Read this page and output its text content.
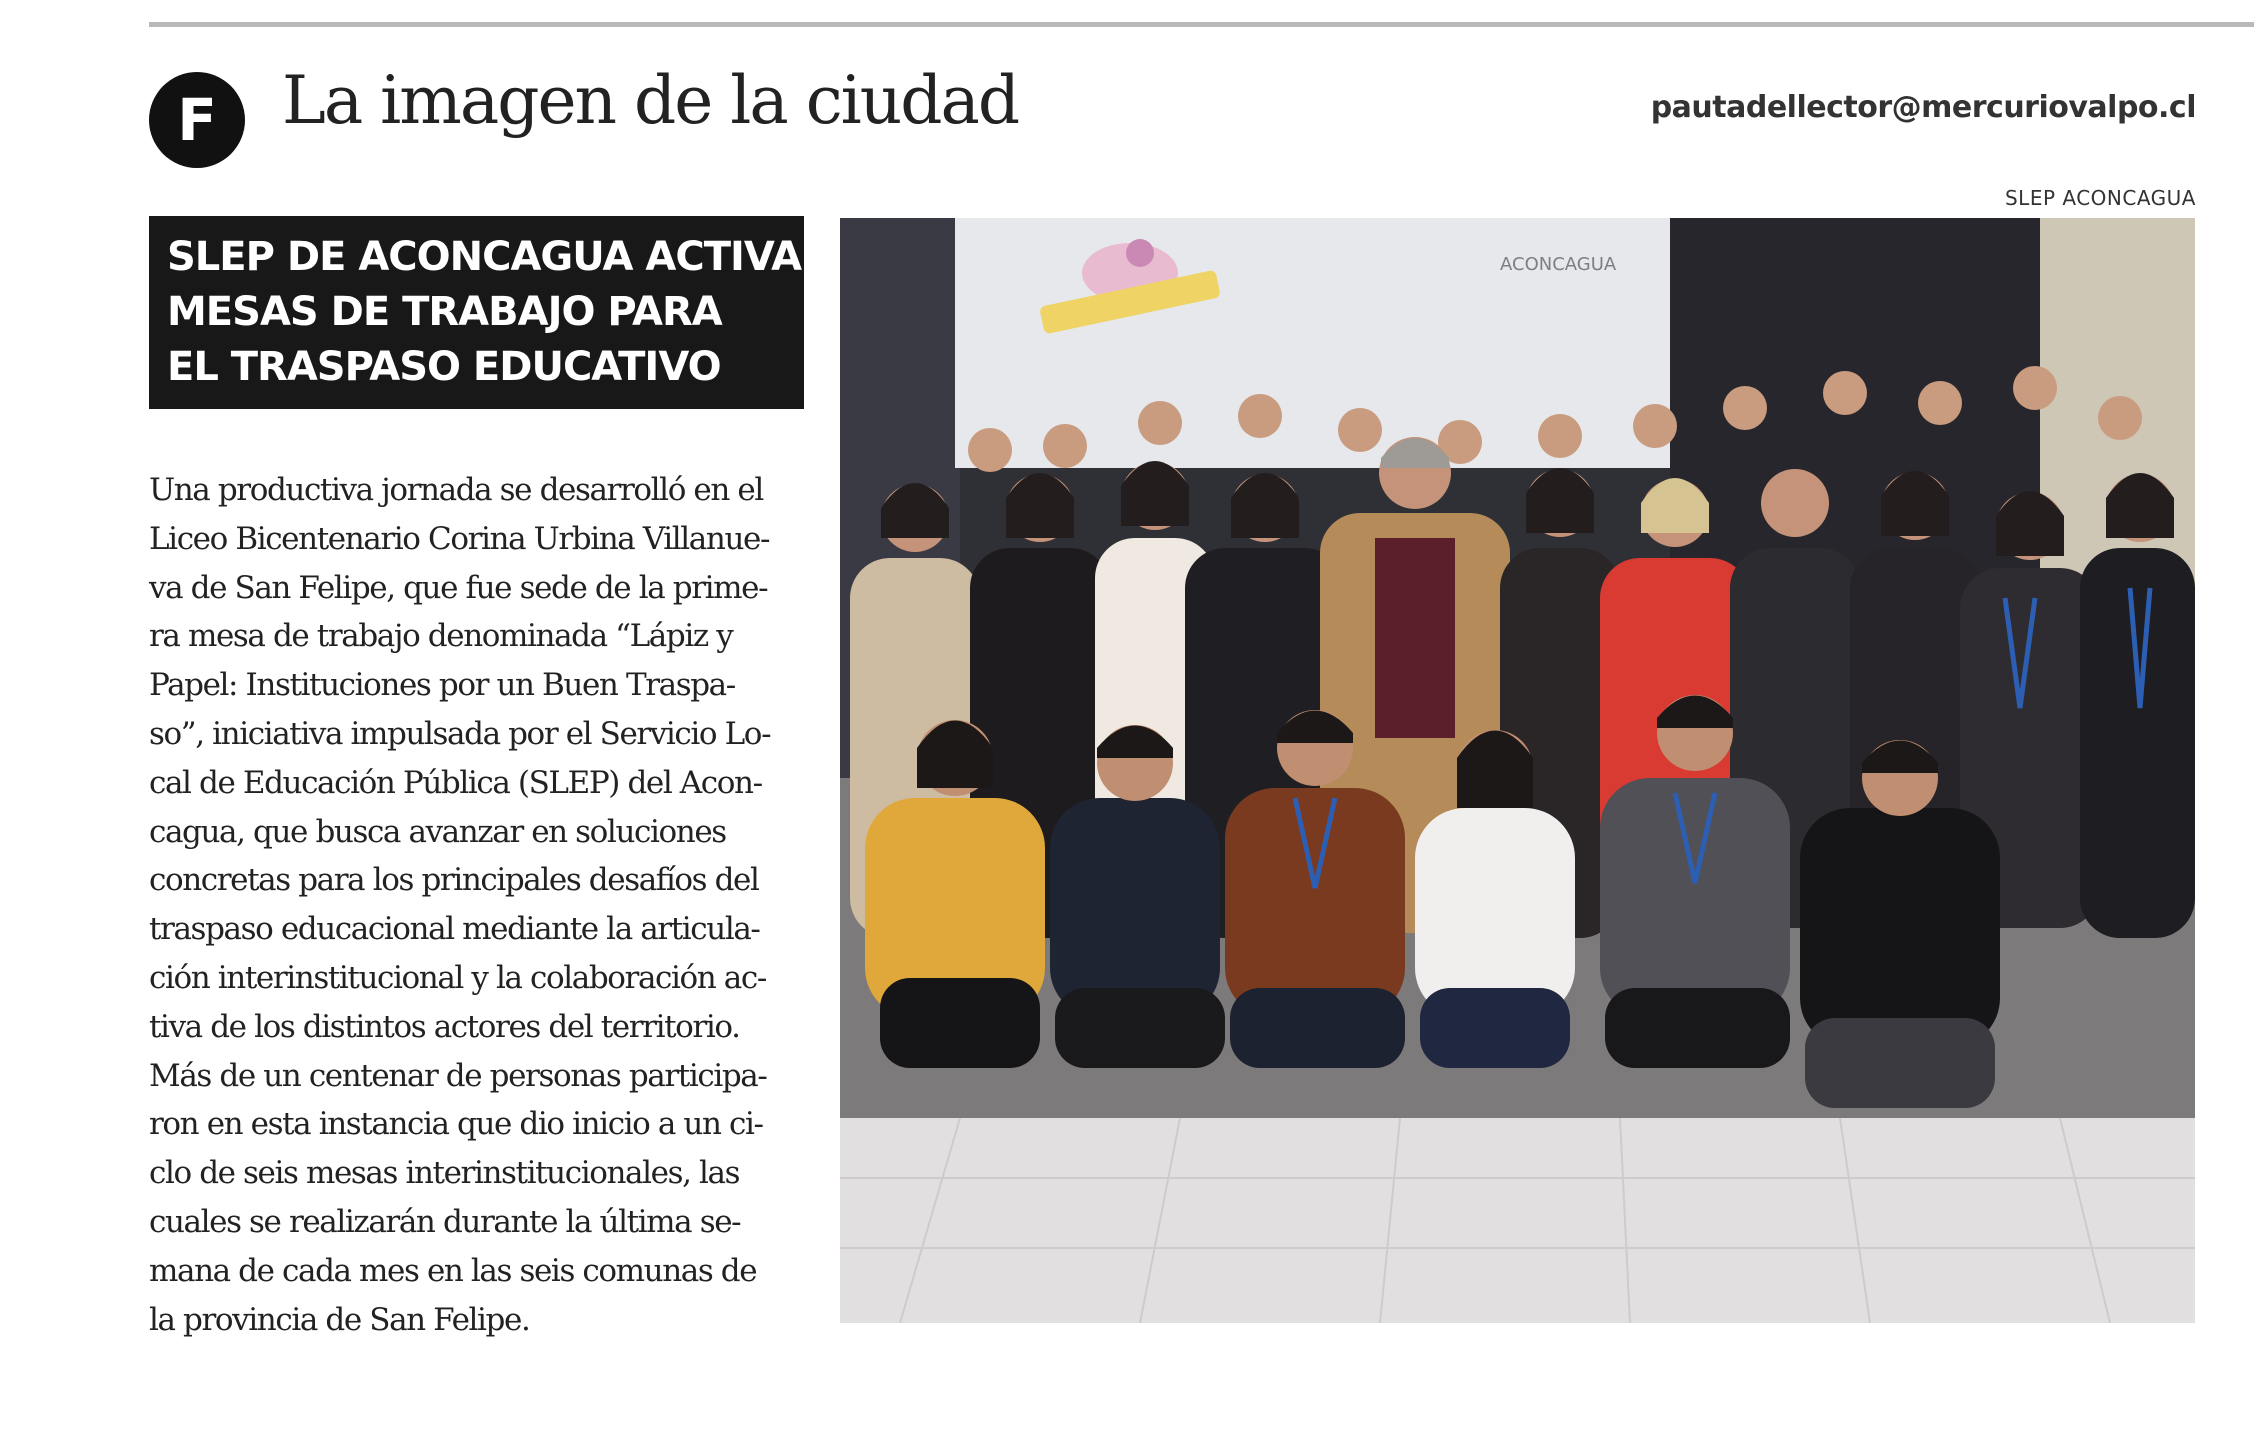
F La imagen de la ciudad	pautadellector@mercuriovalpo.cl
SLEP ACONCAGUA
SLEP DE ACONCAGUA ACTIVA
MESAS DE TRABAJO PARA
EL TRASPASO EDUCATIVO
Una productiva jornada se desarrolló en el
Liceo Bicentenario Corina Urbina Villanue-
va de San Felipe, que fue sede de la prime-
ra mesa de trabajo denominada “Lápiz y
Papel: Instituciones por un Buen Traspa-
so”, iniciativa impulsada por el Servicio Lo-
cal de Educación Pública (SLEP) del Acon-
cagua, que busca avanzar en soluciones
concretas para los principales desafíos del
traspaso educacional mediante la articula-
ción interinstitucional y la colaboración ac-
tiva de los distintos actores del territorio.
Más de un centenar de personas participa-
ron en esta instancia que dio inicio a un ci-
clo de seis mesas interinstitucionales, las
cuales se realizarán durante la última se-
mana de cada mes en las seis comunas de
la provincia de San Felipe.
ACONCAGUA
